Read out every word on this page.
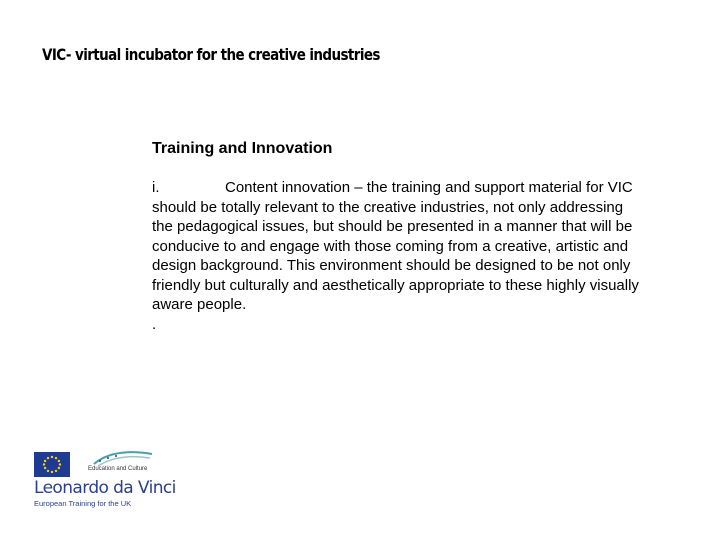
VIC- virtual incubator for the creative industries

Training and Innovation

i.	Content innovation – the training and support material for VIC should be totally relevant to the creative industries, not only addressing the pedagogical issues, but should be presented in a manner that will be conducive to and engage with those coming from a creative, artistic and design background. This environment should be designed to be not only friendly but culturally and aesthetically appropriate to these highly visually aware people.

.

Education and Culture
Leonardo da Vinci
European Training for the UK
